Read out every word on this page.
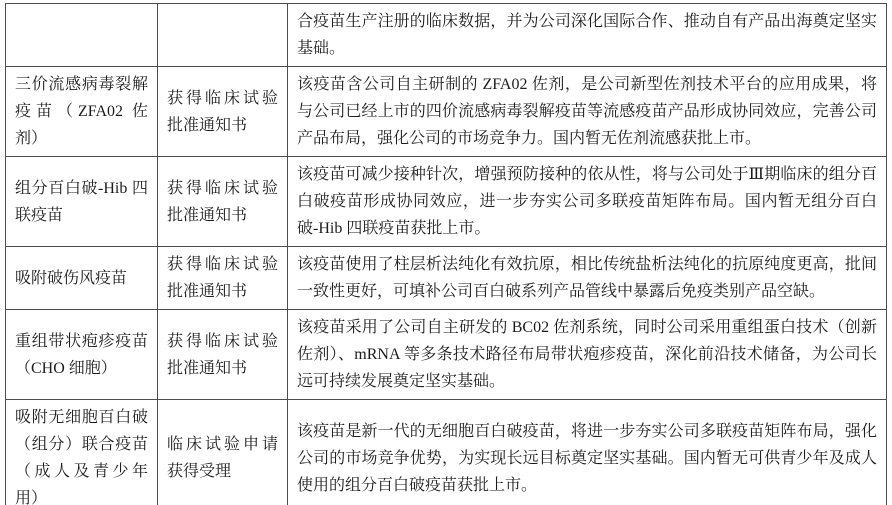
		合疫苗生产注册的临床数据，并为公司深化国际合作、推动自有产品出海奠定坚实基础。
三价流感病毒裂解疫苗（ZFA02 佐剂）	获得临床试验批准通知书	该疫苗含公司自主研制的 ZFA02 佐剂，是公司新型佐剂技术平台的应用成果，将与公司已经上市的四价流感病毒裂解疫苗等流感疫苗产品形成协同效应，完善公司产品布局，强化公司的市场竞争力。国内暂无佐剂流感获批上市。
组分百白破-Hib 四联疫苗	获得临床试验批准通知书	该疫苗可减少接种针次，增强预防接种的依从性，将与公司处于Ⅲ期临床的组分百白破疫苗形成协同效应，进一步夯实公司多联疫苗矩阵布局。国内暂无组分百白破-Hib 四联疫苗获批上市。
吸附破伤风疫苗	获得临床试验批准通知书	该疫苗使用了柱层析法纯化有效抗原，相比传统盐析法纯化的抗原纯度更高，批间一致性更好，可填补公司百白破系列产品管线中暴露后免疫类别产品空缺。
重组带状疱疹疫苗（CHO 细胞）	获得临床试验批准通知书	该疫苗采用了公司自主研发的 BC02 佐剂系统，同时公司采用重组蛋白技术（创新佐剂）、mRNA 等多条技术路径布局带状疱疹疫苗，深化前沿技术储备，为公司长远可持续发展奠定坚实基础。
吸附无细胞百白破（组分）联合疫苗（成人及青少年用）	临床试验申请获得受理	该疫苗是新一代的无细胞百白破疫苗，将进一步夯实公司多联疫苗矩阵布局，强化公司的市场竞争优势，为实现长远目标奠定坚实基础。国内暂无可供青少年及成人使用的组分百白破疫苗获批上市。
